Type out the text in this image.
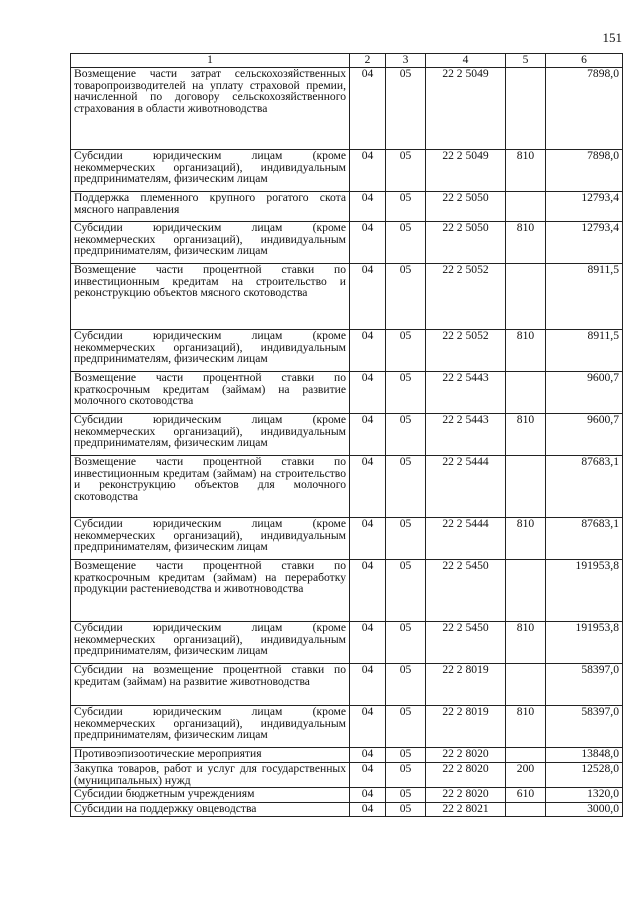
151
1	2	3	4	5	6
Возмещение части затрат сельскохозяйственных товаропроизводителей на уплату страховой премии, начисленной по договору сельскохозяйственного страхования в области животноводства	04	05	22 2 5049		7898,0
Субсидии юридическим лицам (кроме некоммерческих организаций), индивидуальным предпринимателям, физическим лицам	04	05	22 2 5049	810	7898,0
Поддержка племенного крупного рогатого скота мясного направления	04	05	22 2 5050		12793,4
Субсидии юридическим лицам (кроме некоммерческих организаций), индивидуальным предпринимателям, физическим лицам	04	05	22 2 5050	810	12793,4
Возмещение части процентной ставки по инвестиционным кредитам на строительство и реконструкцию объектов мясного скотоводства	04	05	22 2 5052		8911,5
Субсидии юридическим лицам (кроме некоммерческих организаций), индивидуальным предпринимателям, физическим лицам	04	05	22 2 5052	810	8911,5
Возмещение части процентной ставки по краткосрочным кредитам (займам) на развитие молочного скотоводства	04	05	22 2 5443		9600,7
Субсидии юридическим лицам (кроме некоммерческих организаций), индивидуальным предпринимателям, физическим лицам	04	05	22 2 5443	810	9600,7
Возмещение части процентной ставки по инвестиционным кредитам (займам) на строительство и реконструкцию объектов для молочного скотоводства	04	05	22 2 5444		87683,1
Субсидии юридическим лицам (кроме некоммерческих организаций), индивидуальным предпринимателям, физическим лицам	04	05	22 2 5444	810	87683,1
Возмещение части процентной ставки по краткосрочным кредитам (займам) на переработку продукции растениеводства и животноводства	04	05	22 2 5450		191953,8
Субсидии юридическим лицам (кроме некоммерческих организаций), индивидуальным предпринимателям, физическим лицам	04	05	22 2 5450	810	191953,8
Субсидии на возмещение процентной ставки по кредитам (займам) на развитие животноводства	04	05	22 2 8019		58397,0
Субсидии юридическим лицам (кроме некоммерческих организаций), индивидуальным предпринимателям, физическим лицам	04	05	22 2 8019	810	58397,0
Противоэпизоотические мероприятия	04	05	22 2 8020		13848,0
Закупка товаров, работ и услуг для государственных (муниципальных) нужд	04	05	22 2 8020	200	12528,0
Субсидии бюджетным учреждениям	04	05	22 2 8020	610	1320,0
Субсидии на поддержку овцеводства	04	05	22 2 8021		3000,0
